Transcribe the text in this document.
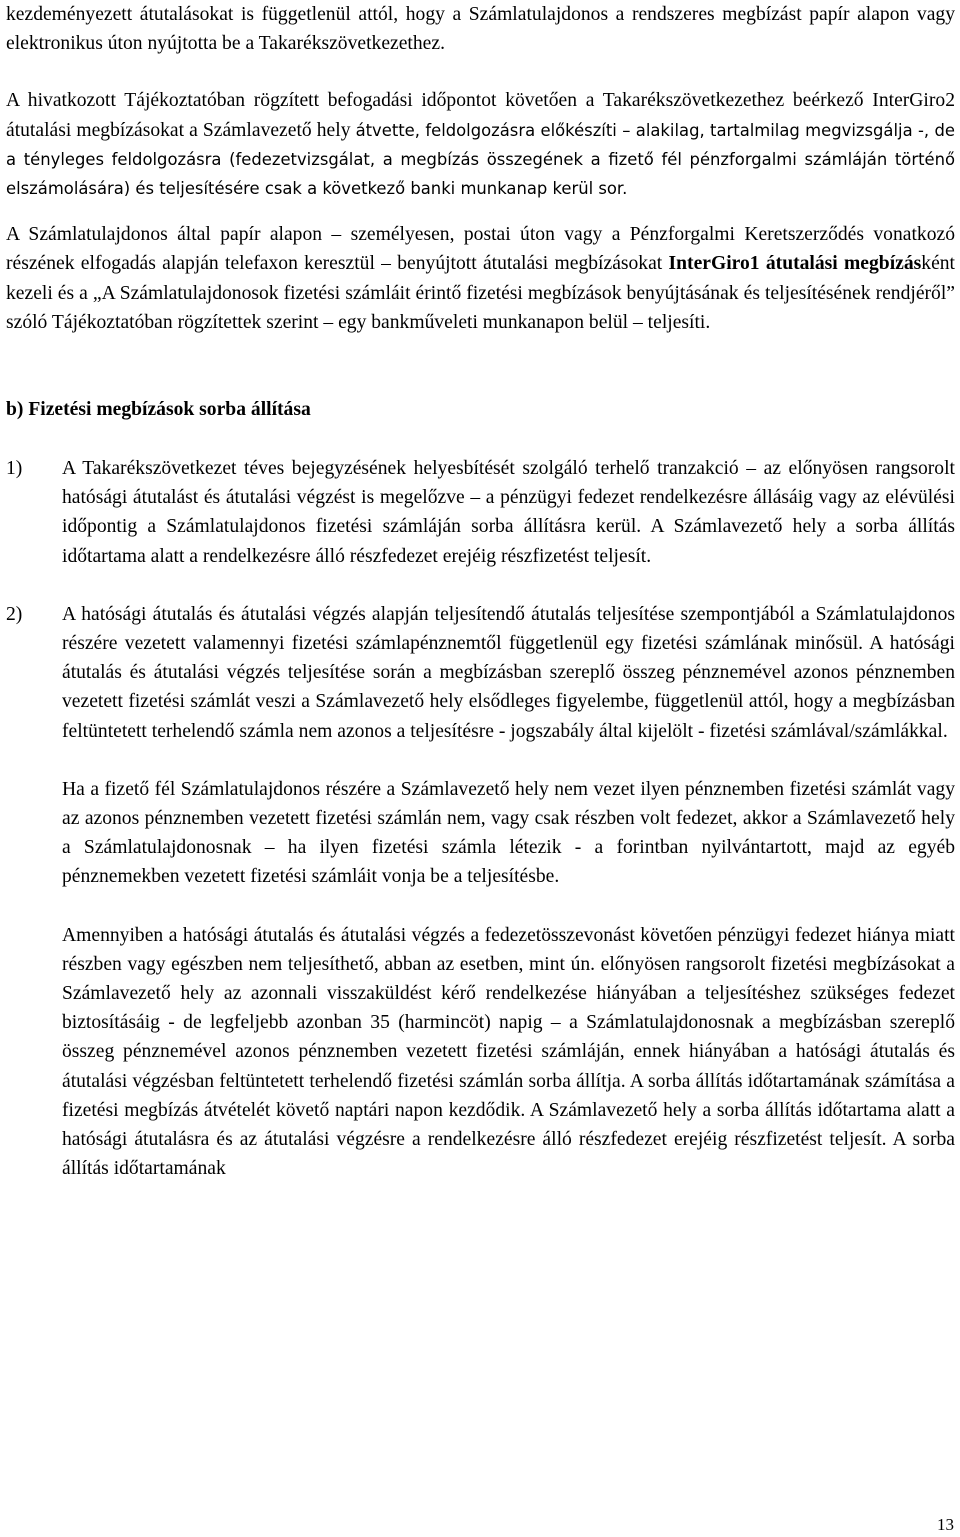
kezdeményezett átutalásokat is függetlenül attól, hogy a Számlatulajdonos a rendszeres megbízást papír alapon vagy elektronikus úton nyújtotta be a Takarékszövetkezethez.

A hivatkozott Tájékoztatóban rögzített befogadási időpontot követően a Takarékszövetkezethez beérkező InterGiro2 átutalási megbízásokat a Számlavezető hely átvette, feldolgozásra előkészíti – alakilag, tartalmilag megvizsgálja -, de a tényleges feldolgozásra (fedezetvizsgálat, a megbízás összegének a fizető fél pénzforgalmi számláján történő elszámolására) és teljesítésére csak a következő banki munkanap kerül sor.

A Számlatulajdonos által papír alapon – személyesen, postai úton vagy a Pénzforgalmi Keretszerződés vonatkozó részének elfogadás alapján telefaxon keresztül – benyújtott átutalási megbízásokat InterGiro1 átutalási megbízásként kezeli és a „A Számlatulajdonosok fizetési számláit érintő fizetési megbízások benyújtásának és teljesítésének rendjéről” szóló Tájékoztatóban rögzítettek szerint – egy bankműveleti munkanapon belül – teljesíti.

b) Fizetési megbízások sorba állítása

1) A Takarékszövetkezet téves bejegyzésének helyesbítését szolgáló terhelő tranzakció – az előnyösen rangsorolt hatósági átutalást és átutalási végzést is megelőzve – a pénzügyi fedezet rendelkezésre állásáig vagy az elévülési időpontig a Számlatulajdonos fizetési számláján sorba állításra kerül. A Számlavezető hely a sorba állítás időtartama alatt a rendelkezésre álló részfedezet erejéig részfizetést teljesít.

2) A hatósági átutalás és átutalási végzés alapján teljesítendő átutalás teljesítése szempontjából a Számlatulajdonos részére vezetett valamennyi fizetési számlapénznemtől függetlenül egy fizetési számlának minősül. A hatósági átutalás és átutalási végzés teljesítése során a megbízásban szereplő összeg pénznemével azonos pénznemben vezetett fizetési számlát veszi a Számlavezető hely elsődleges figyelembe, függetlenül attól, hogy a megbízásban feltüntetett terhelendő számla nem azonos a teljesítésre - jogszabály által kijelölt - fizetési számlával/számlákkal.

Ha a fizető fél Számlatulajdonos részére a Számlavezető hely nem vezet ilyen pénznemben fizetési számlát vagy az azonos pénznemben vezetett fizetési számlán nem, vagy csak részben volt fedezet, akkor a Számlavezető hely a Számlatulajdonosnak – ha ilyen fizetési számla létezik - a forintban nyilvántartott, majd az egyéb pénznemekben vezetett fizetési számláit vonja be a teljesítésbe.

Amennyiben a hatósági átutalás és átutalási végzés a fedezetösszevonást követően pénzügyi fedezet hiánya miatt részben vagy egészben nem teljesíthető, abban az esetben, mint ún. előnyösen rangsorolt fizetési megbízásokat a Számlavezető hely az azonnali visszaküldést kérő rendelkezése hiányában a teljesítéshez szükséges fedezet biztosításáig - de legfeljebb azonban 35 (harmincöt) napig – a Számlatulajdonosnak a megbízásban szereplő összeg pénznemével azonos pénznemben vezetett fizetési számláján, ennek hiányában a hatósági átutalás és átutalási végzésban feltüntetett terhelendő fizetési számlán sorba állítja. A sorba állítás időtartamának számítása a fizetési megbízás átvételét követő naptári napon kezdődik. A Számlavezető hely a sorba állítás időtartama alatt a hatósági átutalásra és az átutalási végzésre a rendelkezésre álló részfedezet erejéig részfizetést teljesít. A sorba állítás időtartamának

13
